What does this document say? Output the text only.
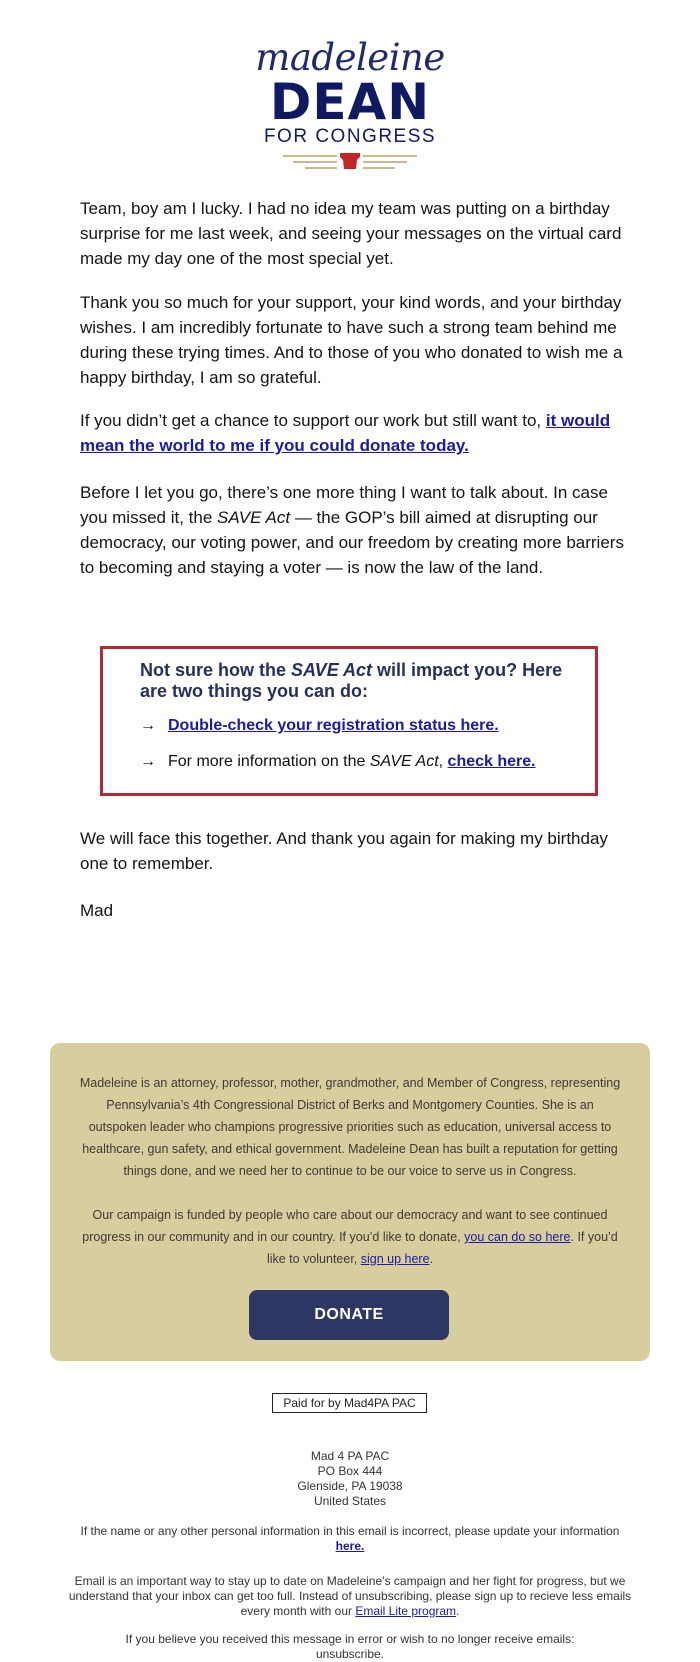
madeleine
DEAN
FOR CONGRESS

Team, boy am I lucky. I had no idea my team was putting on a birthday surprise for me last week, and seeing your messages on the virtual card made my day one of the most special yet.

Thank you so much for your support, your kind words, and your birthday wishes. I am incredibly fortunate to have such a strong team behind me during these trying times. And to those of you who donated to wish me a happy birthday, I am so grateful.

If you didn’t get a chance to support our work but still want to, it would mean the world to me if you could donate today.

Before I let you go, there’s one more thing I want to talk about. In case you missed it, the SAVE Act — the GOP’s bill aimed at disrupting our democracy, our voting power, and our freedom by creating more barriers to becoming and staying a voter — is now the law of the land.

Not sure how the SAVE Act will impact you? Here are two things you can do:
→ Double-check your registration status here.
→ For more information on the SAVE Act, check here.

We will face this together. And thank you again for making my birthday one to remember.

Mad

Madeleine is an attorney, professor, mother, grandmother, and Member of Congress, representing Pennsylvania’s 4th Congressional District of Berks and Montgomery Counties. She is an outspoken leader who champions progressive priorities such as education, universal access to healthcare, gun safety, and ethical government. Madeleine Dean has built a reputation for getting things done, and we need her to continue to be our voice to serve us in Congress.

Our campaign is funded by people who care about our democracy and want to see continued progress in our community and in our country. If you’d like to donate, you can do so here. If you’d like to volunteer, sign up here.

DONATE
Paid for by Mad4PA PAC

Mad 4 PA PAC

PO Box 444

Glenside, PA 19038

United States

If the name or any other personal information in this email is incorrect, please update your information
here.

Email is an important way to stay up to date on Madeleine’s campaign and her fight for progress, but we understand that your inbox can get too full. Instead of unsubscribing, please sign up to recieve less emails every month with our Email Lite program.

If you believe you received this message in error or wish to no longer receive emails:
unsubscribe.
